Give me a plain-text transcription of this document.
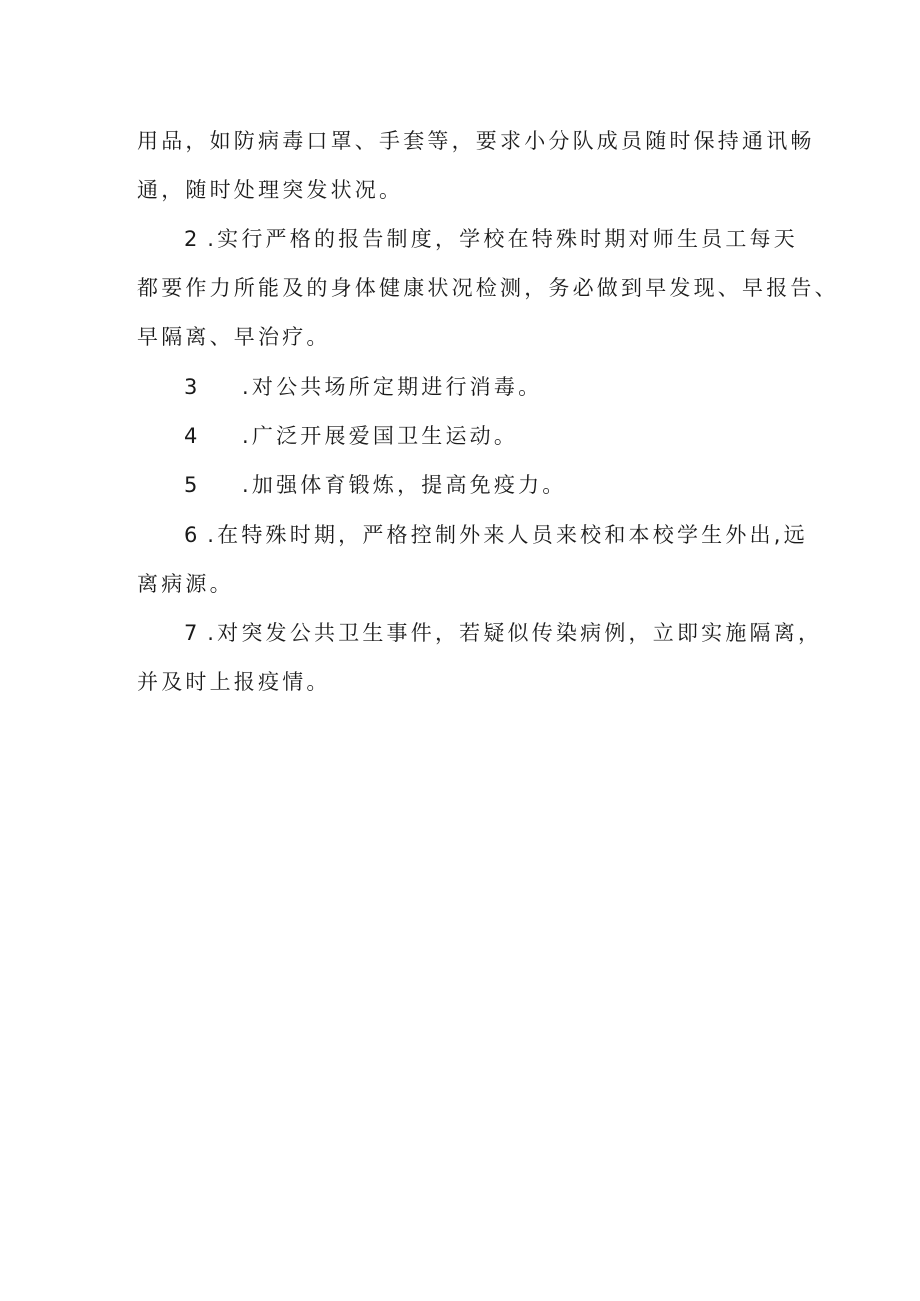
用品，如防病毒口罩、手套等，要求小分队成员随时保持通讯畅
通，随时处理突发状况。
2 .实行严格的报告制度，学校在特殊时期对师生员工每天
都要作力所能及的身体健康状况检测，务必做到早发现、早报告、
早隔离、早治疗。
3 .对公共场所定期进行消毒。
4 .广泛开展爱国卫生运动。
5 .加强体育锻炼，提高免疫力。
6 .在特殊时期，严格控制外来人员来校和本校学生外出,远
离病源。
7 .对突发公共卫生事件，若疑似传染病例，立即实施隔离，
并及时上报疫情。
